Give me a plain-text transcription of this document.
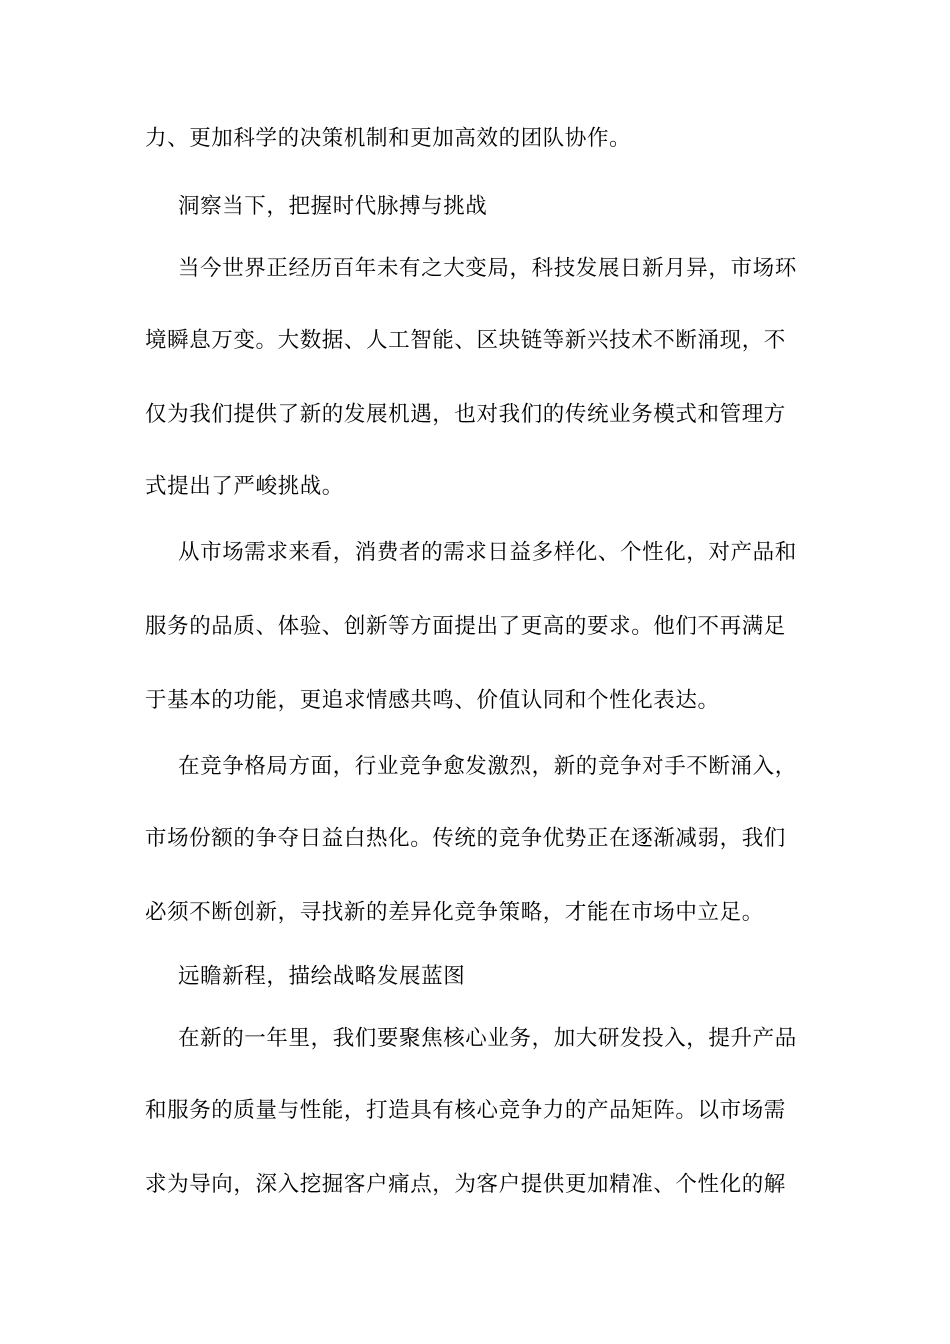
力、更加科学的决策机制和更加高效的团队协作。
洞察当下，把握时代脉搏与挑战
当今世界正经历百年未有之大变局，科技发展日新月异，市场环
境瞬息万变。大数据、人工智能、区块链等新兴技术不断涌现，不
仅为我们提供了新的发展机遇，也对我们的传统业务模式和管理方
式提出了严峻挑战。
从市场需求来看，消费者的需求日益多样化、个性化，对产品和
服务的品质、体验、创新等方面提出了更高的要求。他们不再满足
于基本的功能，更追求情感共鸣、价值认同和个性化表达。
在竞争格局方面，行业竞争愈发激烈，新的竞争对手不断涌入，
市场份额的争夺日益白热化。传统的竞争优势正在逐渐减弱，我们
必须不断创新，寻找新的差异化竞争策略，才能在市场中立足。
远瞻新程，描绘战略发展蓝图
在新的一年里，我们要聚焦核心业务，加大研发投入，提升产品
和服务的质量与性能，打造具有核心竞争力的产品矩阵。以市场需
求为导向，深入挖掘客户痛点，为客户提供更加精准、个性化的解
